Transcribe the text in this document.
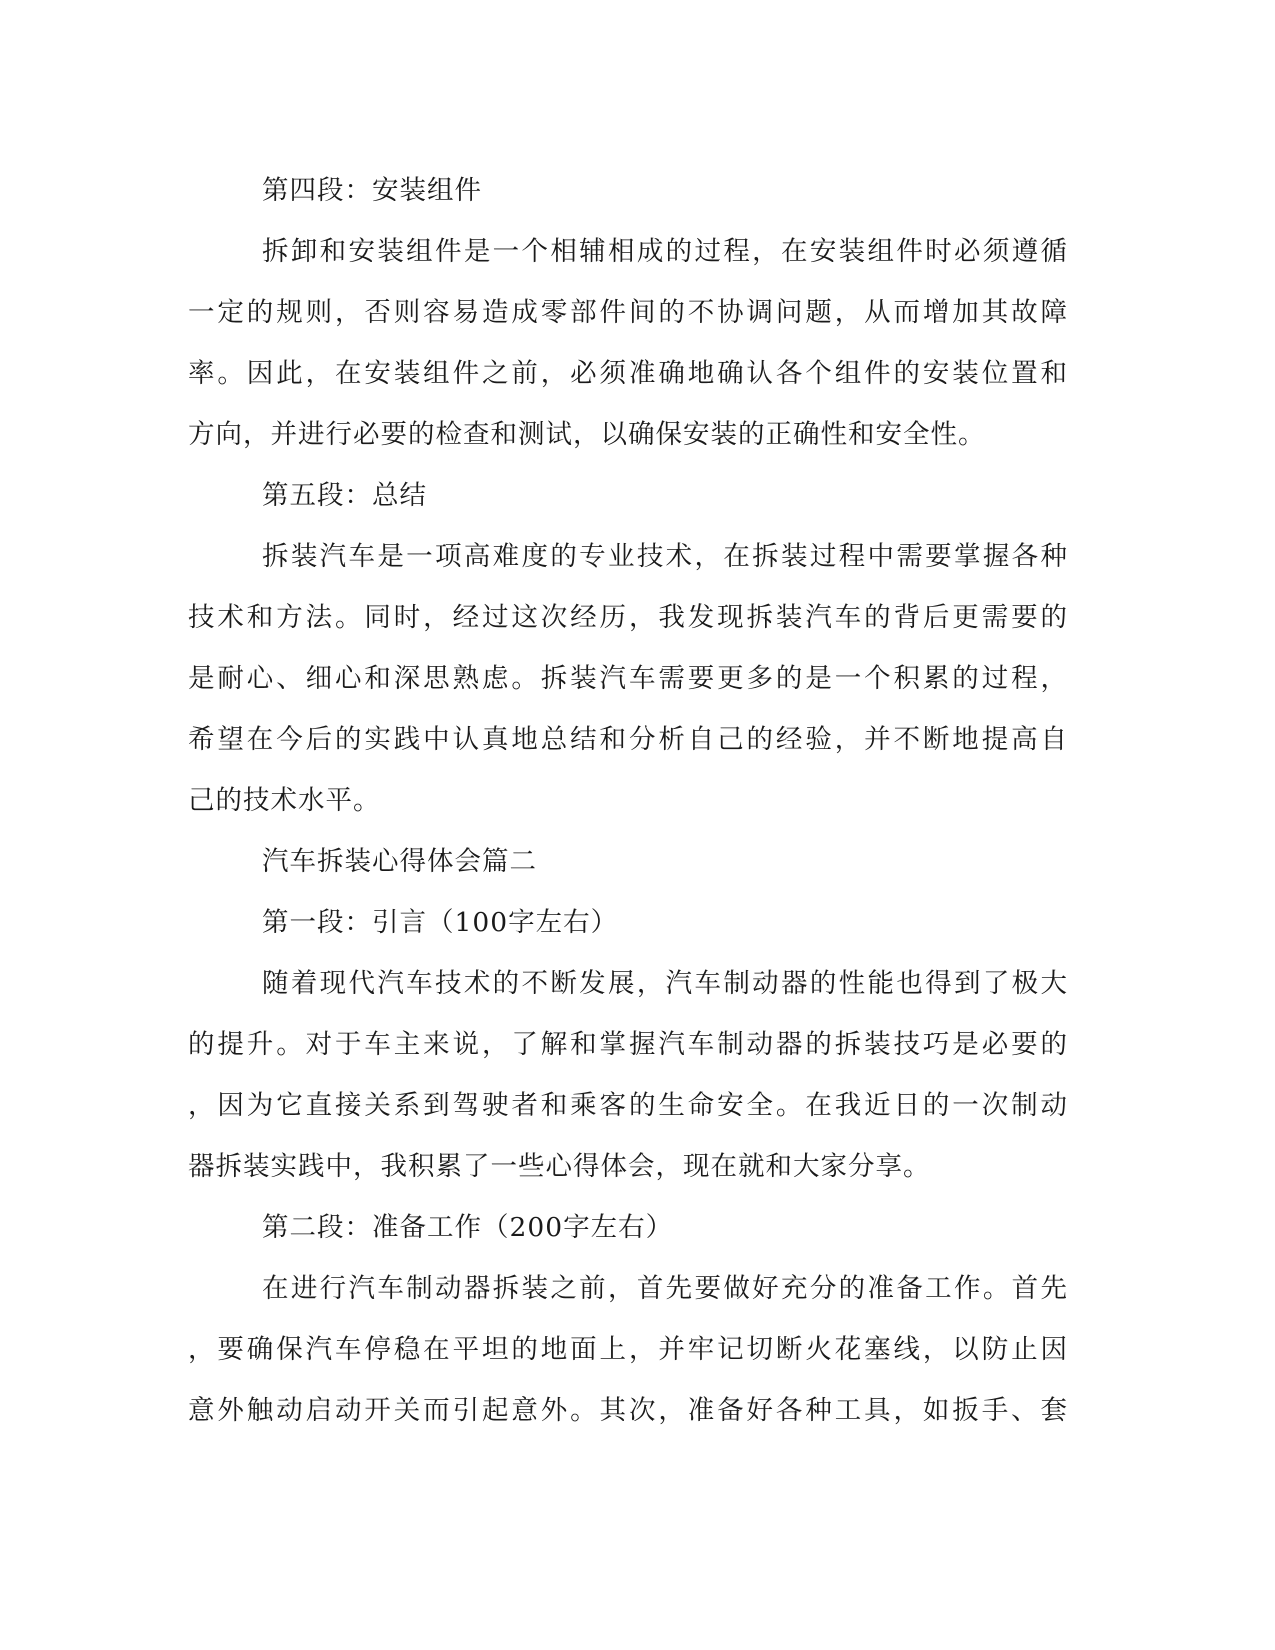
第四段：安装组件
拆卸和安装组件是一个相辅相成的过程，在安装组件时必须遵循
一定的规则，否则容易造成零部件间的不协调问题，从而增加其故障
率。因此，在安装组件之前，必须准确地确认各个组件的安装位置和
方向，并进行必要的检查和测试，以确保安装的正确性和安全性。
第五段：总结
拆装汽车是一项高难度的专业技术，在拆装过程中需要掌握各种
技术和方法。同时，经过这次经历，我发现拆装汽车的背后更需要的
是耐心、细心和深思熟虑。拆装汽车需要更多的是一个积累的过程，
希望在今后的实践中认真地总结和分析自己的经验，并不断地提高自
己的技术水平。
汽车拆装心得体会篇二
第一段：引言（100字左右）
随着现代汽车技术的不断发展，汽车制动器的性能也得到了极大
的提升。对于车主来说，了解和掌握汽车制动器的拆装技巧是必要的
，因为它直接关系到驾驶者和乘客的生命安全。在我近日的一次制动
器拆装实践中，我积累了一些心得体会，现在就和大家分享。
第二段：准备工作（200字左右）
在进行汽车制动器拆装之前，首先要做好充分的准备工作。首先
，要确保汽车停稳在平坦的地面上，并牢记切断火花塞线，以防止因
意外触动启动开关而引起意外。其次，准备好各种工具，如扳手、套
